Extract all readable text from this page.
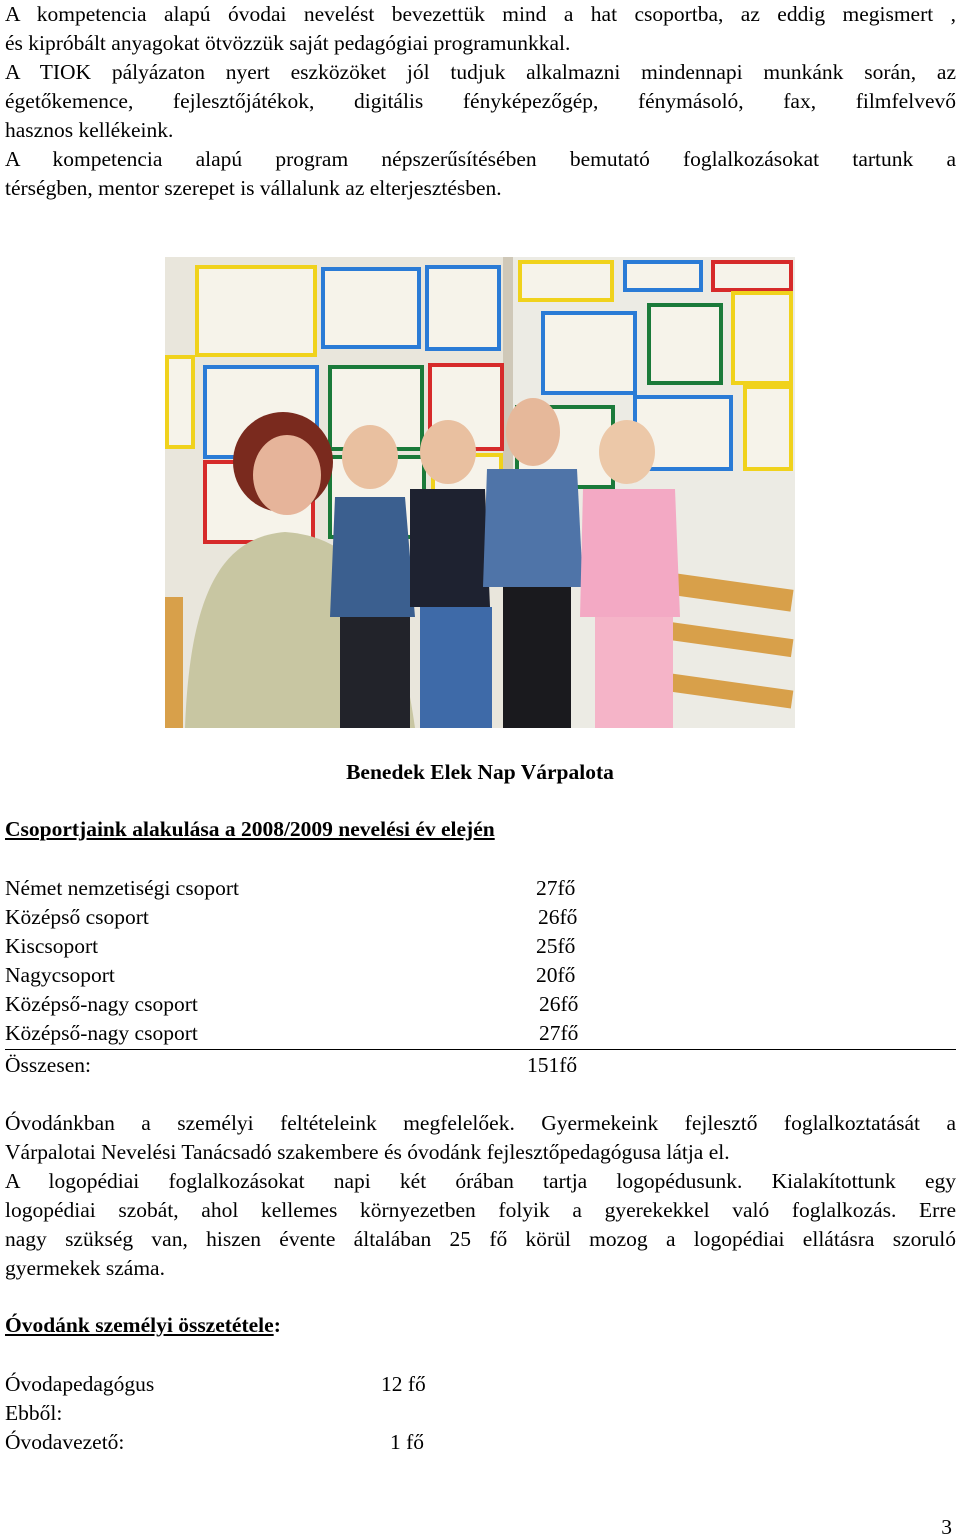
A kompetencia alapú óvodai nevelést bevezettük mind a hat csoportba, az eddig megismert ,
és kipróbált anyagokat ötvözzük saját pedagógiai programunkkal.
A TIOK pályázaton nyert eszközöket jól tudjuk alkalmazni mindennapi munkánk során, az
égetőkemence, fejlesztőjátékok, digitális fényképezőgép, fénymásoló, fax, filmfelvevő
hasznos kellékeink.
A kompetencia alapú program népszerűsítésében bemutató foglalkozásokat tartunk a
térségben, mentor szerepet is vállalunk az elterjesztésben.
Benedek Elek Nap Várpalota
Csoportjaink alakulása a 2008/2009 nevelési év elején
Német nemzetiségi csoport	27fő
Középső csoport	26fő
Kiscsoport	25fő
Nagycsoport	20fő
Középső-nagy csoport	26fő
Középső-nagy csoport	27fő
Összesen:	151fő
Óvodánkban a személyi feltételeink megfelelőek. Gyermekeink fejlesztő foglalkoztatását a
Várpalotai Nevelési Tanácsadó szakembere és óvodánk fejlesztőpedagógusa látja el.
A logopédiai foglalkozásokat napi két órában tartja logopédusunk. Kialakítottunk egy
logopédiai szobát, ahol kellemes környezetben folyik a gyerekekkel való foglalkozás. Erre
nagy szükség van, hiszen évente általában 25 fő körül mozog a logopédiai ellátásra szoruló
gyermekek száma.
Óvodánk személyi összetétele:
Óvodapedagógus	12 fő
Ebből:
Óvodavezető:	1 fő
3
